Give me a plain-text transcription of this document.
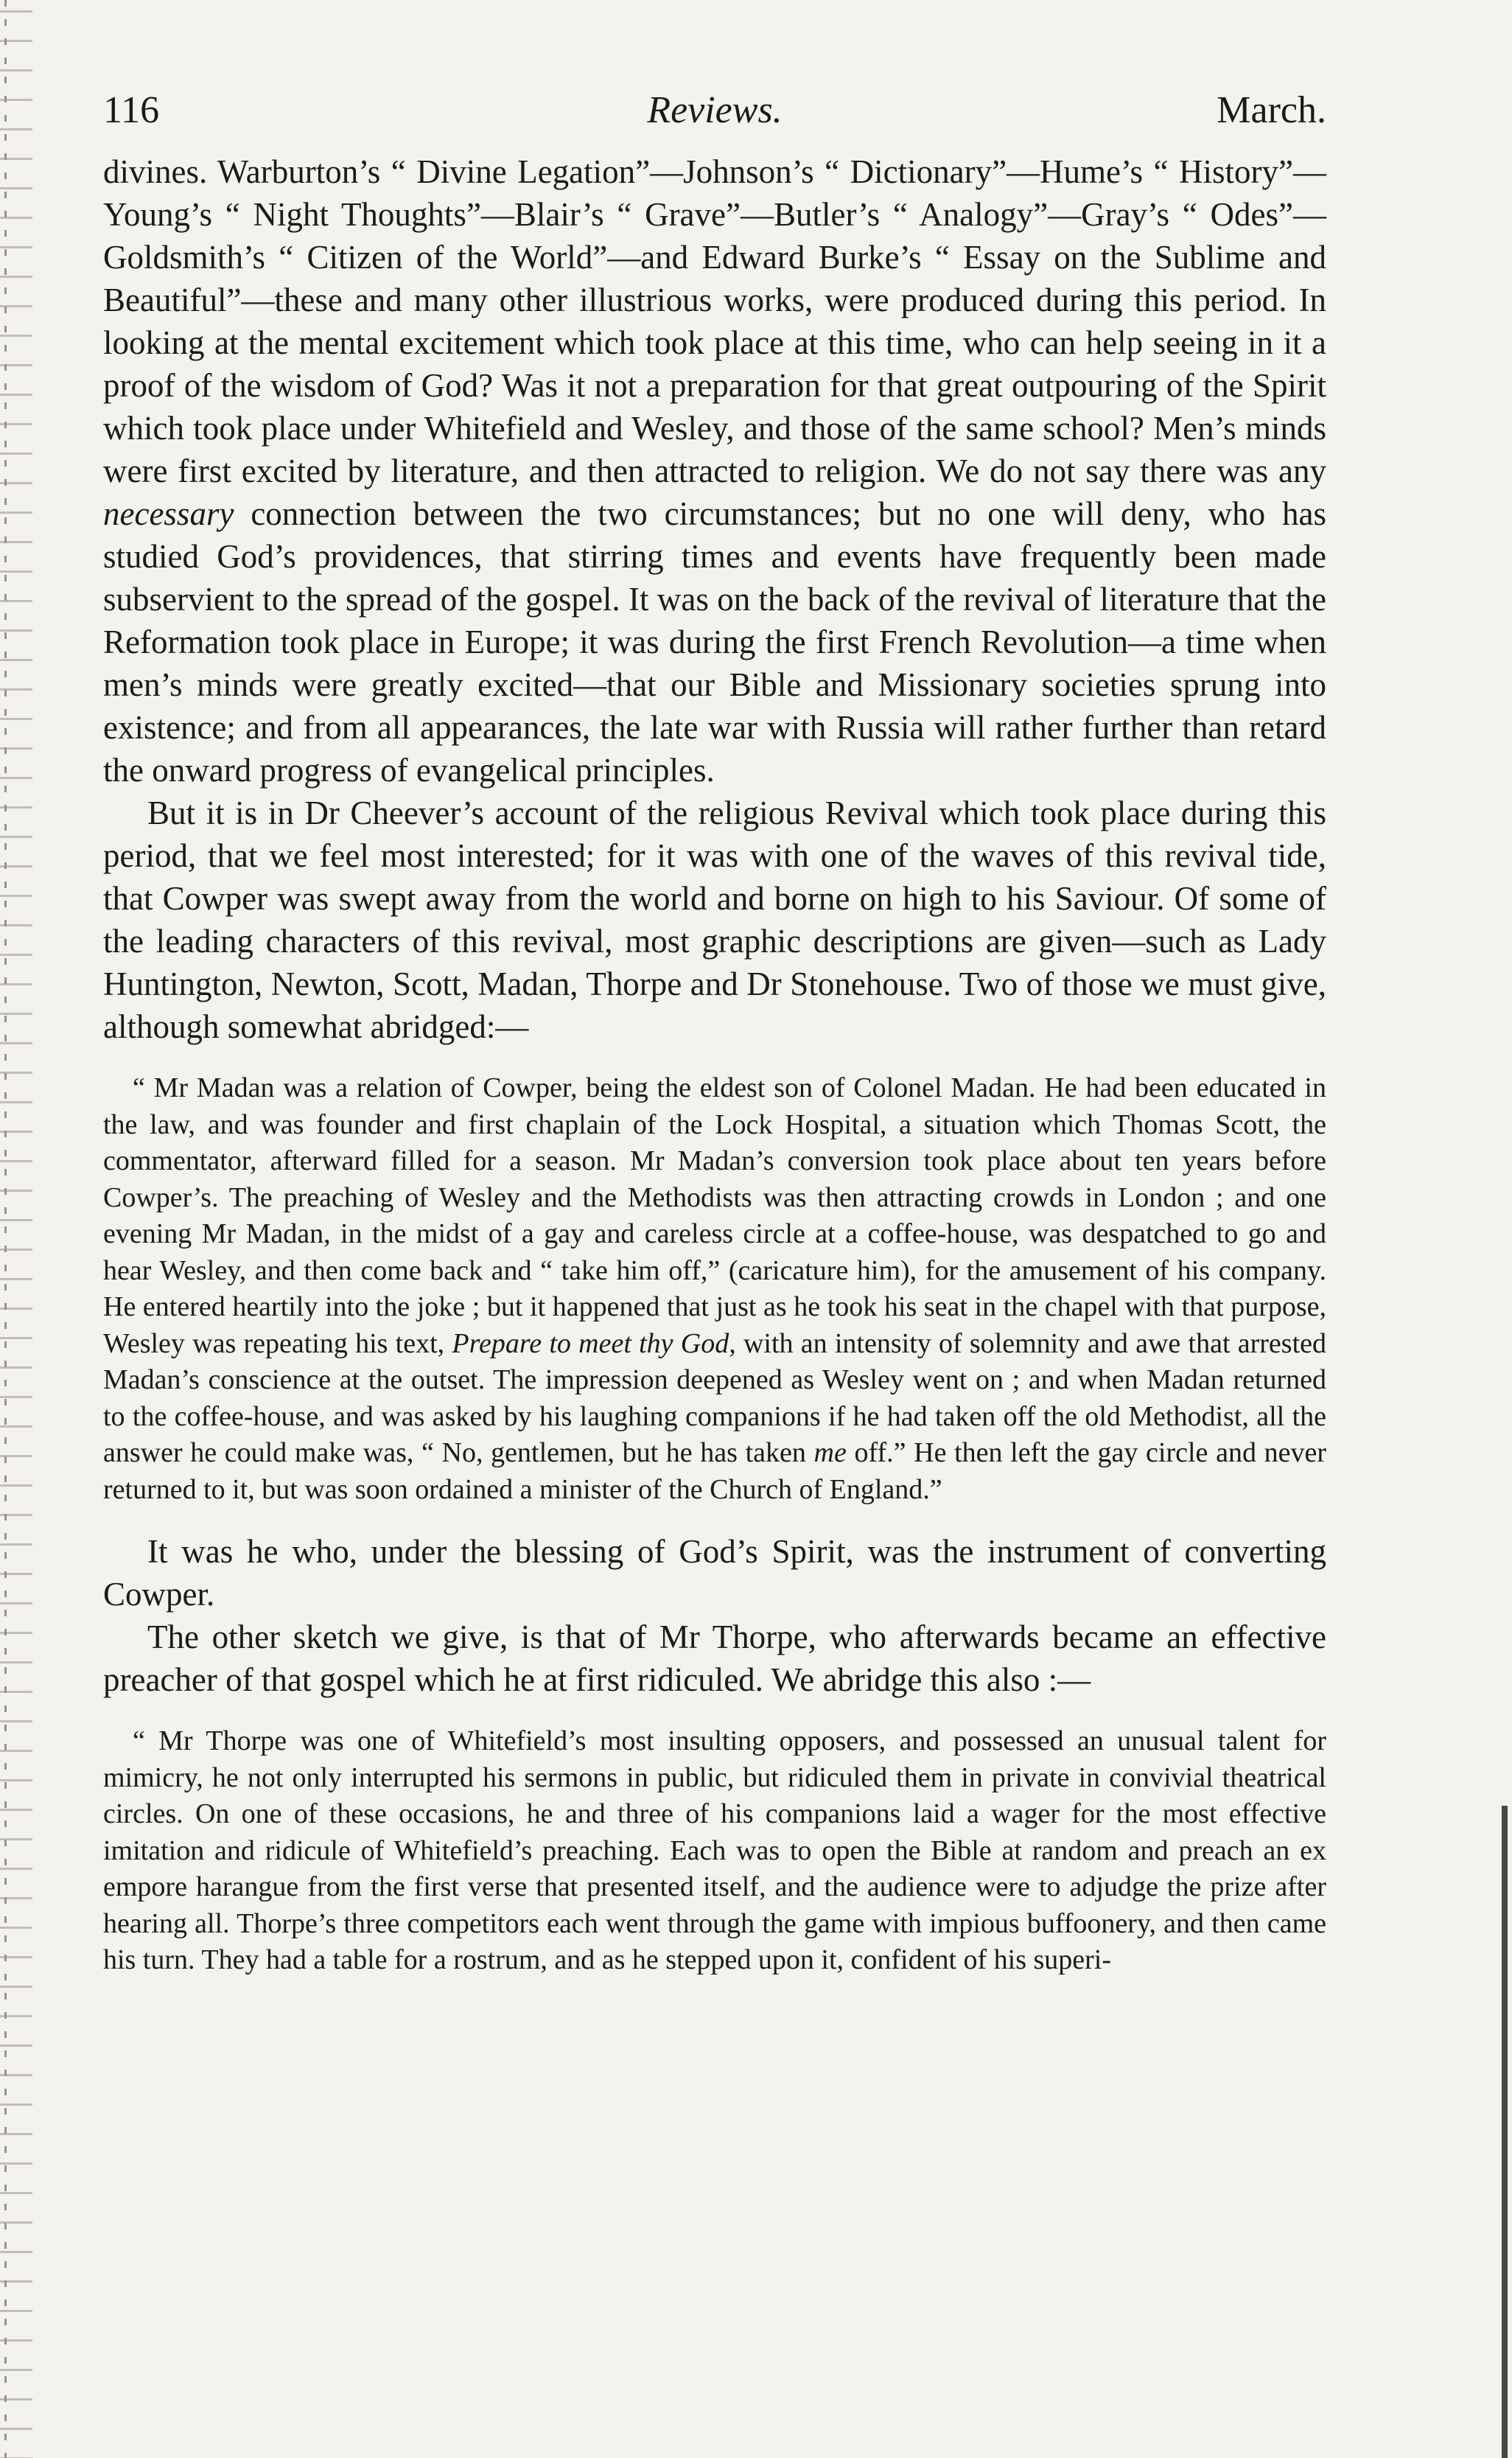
116	Reviews.	March.

divines. Warburton’s “ Divine Legation”—Johnson’s “ Dictionary”—Hume’s “ History”—Young’s “ Night Thoughts”—Blair’s “ Grave”—Butler’s “ Analogy”—Gray’s “ Odes”—Goldsmith’s “ Citizen of the World”—and Edward Burke’s “ Essay on the Sublime and Beautiful”—these and many other illustrious works, were produced during this period. In looking at the mental excitement which took place at this time, who can help seeing in it a proof of the wisdom of God? Was it not a preparation for that great outpouring of the Spirit which took place under Whitefield and Wesley, and those of the same school? Men’s minds were first excited by literature, and then attracted to religion. We do not say there was any necessary connection between the two circumstances; but no one will deny, who has studied God’s providences, that stirring times and events have frequently been made subservient to the spread of the gospel. It was on the back of the revival of literature that the Reformation took place in Europe; it was during the first French Revolution—a time when men’s minds were greatly excited—that our Bible and Missionary societies sprung into existence; and from all appearances, the late war with Russia will rather further than retard the onward progress of evangelical principles.

But it is in Dr Cheever’s account of the religious Revival which took place during this period, that we feel most interested; for it was with one of the waves of this revival tide, that Cowper was swept away from the world and borne on high to his Saviour. Of some of the leading characters of this revival, most graphic descriptions are given—such as Lady Huntington, Newton, Scott, Madan, Thorpe and Dr Stonehouse. Two of those we must give, although somewhat abridged:—

“ Mr Madan was a relation of Cowper, being the eldest son of Colonel Madan. He had been educated in the law, and was founder and first chaplain of the Lock Hospital, a situation which Thomas Scott, the commentator, afterward filled for a season. Mr Madan’s conversion took place about ten years before Cowper’s. The preaching of Wesley and the Methodists was then attracting crowds in London ; and one evening Mr Madan, in the midst of a gay and careless circle at a coffee-house, was despatched to go and hear Wesley, and then come back and “ take him off,” (caricature him), for the amusement of his company. He entered heartily into the joke ; but it happened that just as he took his seat in the chapel with that purpose, Wesley was repeating his text, Prepare to meet thy God, with an intensity of solemnity and awe that arrested Madan’s conscience at the outset. The impression deepened as Wesley went on ; and when Madan returned to the coffee-house, and was asked by his laughing companions if he had taken off the old Methodist, all the answer he could make was, “ No, gentlemen, but he has taken me off.” He then left the gay circle and never returned to it, but was soon ordained a minister of the Church of England.”

It was he who, under the blessing of God’s Spirit, was the instrument of converting Cowper.

The other sketch we give, is that of Mr Thorpe, who afterwards became an effective preacher of that gospel which he at first ridiculed. We abridge this also :—

“ Mr Thorpe was one of Whitefield’s most insulting opposers, and possessed an unusual talent for mimicry, he not only interrupted his sermons in public, but ridiculed them in private in convivial theatrical circles. On one of these occasions, he and three of his companions laid a wager for the most effective imitation and ridicule of Whitefield’s preaching. Each was to open the Bible at random and preach an ex empore harangue from the first verse that presented itself, and the audience were to adjudge the prize after hearing all. Thorpe’s three competitors each went through the game with impious buffoonery, and then came his turn. They had a table for a rostrum, and as he stepped upon it, confident of his superi-
